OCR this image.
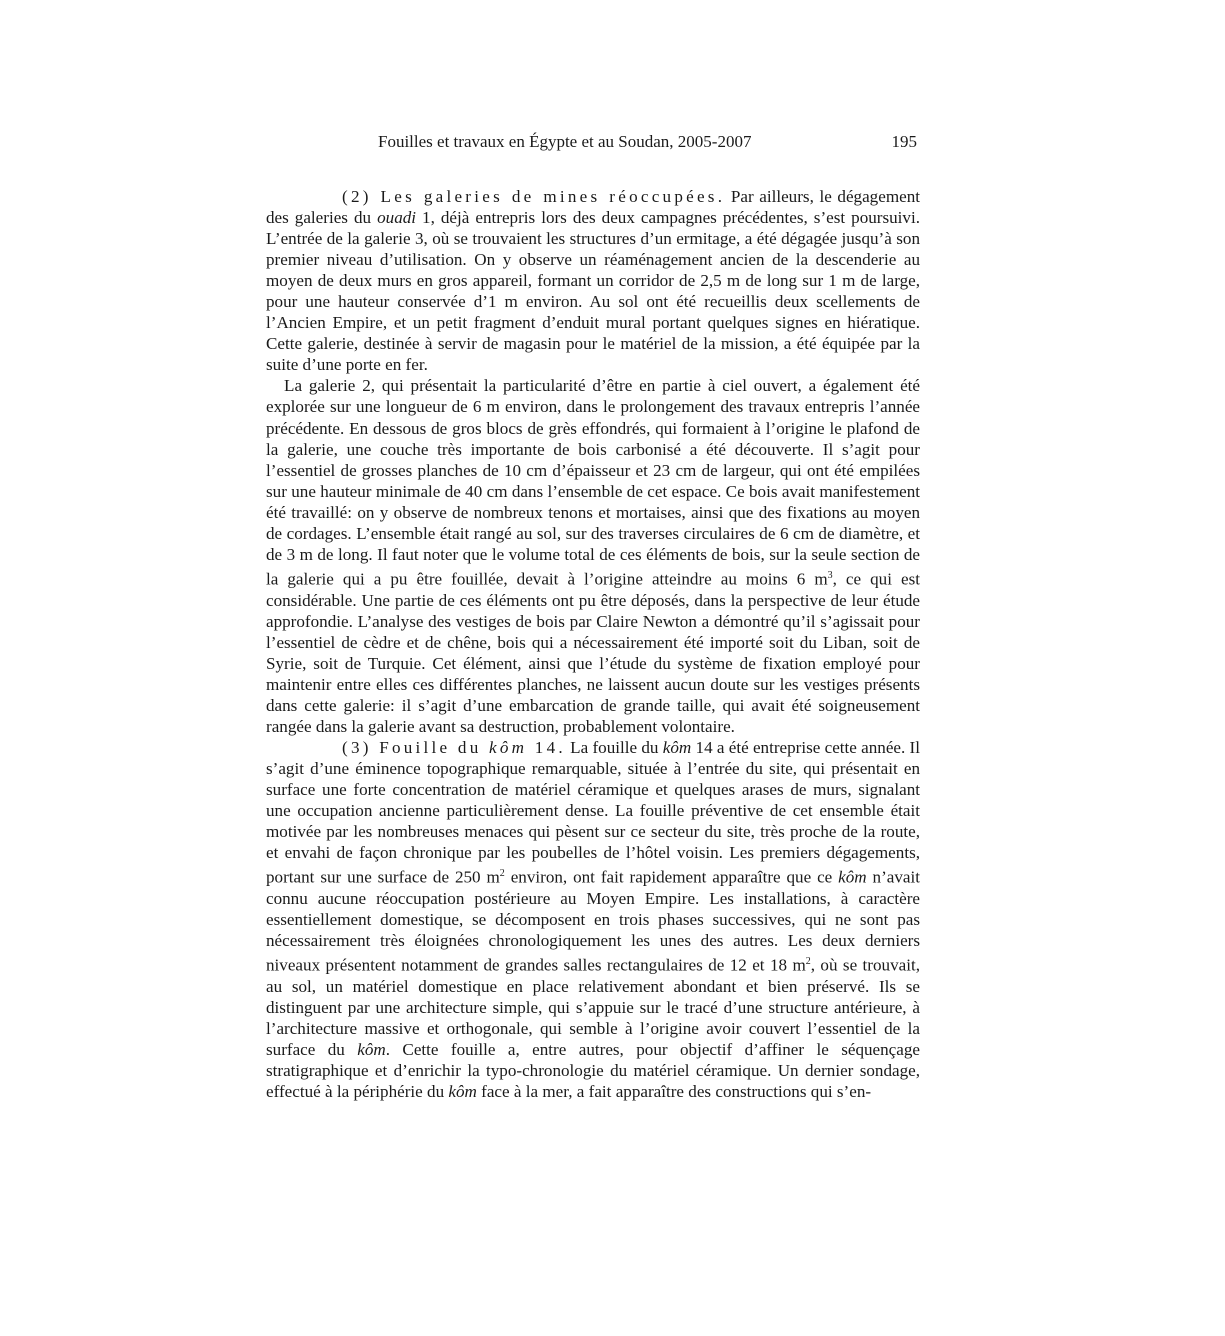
Fouilles et travaux en Égypte et au Soudan, 2005-2007	195

(2) Les galeries de mines réoccupées. Par ailleurs, le dégagement des galeries du ouadi 1, déjà entrepris lors des deux campagnes précédentes, s’est poursuivi. L’entrée de la galerie 3, où se trouvaient les structures d’un ermitage, a été dégagée jusqu’à son premier niveau d’utilisation. On y observe un réaménagement ancien de la descenderie au moyen de deux murs en gros appareil, formant un corridor de 2,5 m de long sur 1 m de large, pour une hauteur conservée d’1 m environ. Au sol ont été recueillis deux scellements de l’Ancien Empire, et un petit fragment d’enduit mural portant quelques signes en hiératique. Cette galerie, destinée à servir de magasin pour le matériel de la mission, a été équipée par la suite d’une porte en fer.

La galerie 2, qui présentait la particularité d’être en partie à ciel ouvert, a également été explorée sur une longueur de 6 m environ, dans le prolongement des travaux entrepris l’année précédente. En dessous de gros blocs de grès effondrés, qui formaient à l’origine le plafond de la galerie, une couche très importante de bois carbonisé a été découverte. Il s’agit pour l’essentiel de grosses planches de 10 cm d’épaisseur et 23 cm de largeur, qui ont été empilées sur une hauteur minimale de 40 cm dans l’ensemble de cet espace. Ce bois avait manifestement été travaillé: on y observe de nombreux tenons et mortaises, ainsi que des fixations au moyen de cordages. L’ensemble était rangé au sol, sur des traverses circulaires de 6 cm de diamètre, et de 3 m de long. Il faut noter que le volume total de ces éléments de bois, sur la seule section de la galerie qui a pu être fouillée, devait à l’origine atteindre au moins 6 $m^3$, ce qui est considérable. Une partie de ces éléments ont pu être déposés, dans la perspective de leur étude approfondie. L’analyse des vestiges de bois par Claire Newton a démontré qu’il s’agissait pour l’essentiel de cèdre et de chêne, bois qui a nécessairement été importé soit du Liban, soit de Syrie, soit de Turquie. Cet élément, ainsi que l’étude du système de fixation employé pour maintenir entre elles ces différentes planches, ne laissent aucun doute sur les vestiges présents dans cette galerie: il s’agit d’une embarcation de grande taille, qui avait été soigneusement rangée dans la galerie avant sa destruction, probablement volontaire.

(3) Fouille du kôm 14. La fouille du kôm 14 a été entreprise cette année. Il s’agit d’une éminence topographique remarquable, située à l’entrée du site, qui présentait en surface une forte concentration de matériel céramique et quelques arases de murs, signalant une occupation ancienne particulièrement dense. La fouille préventive de cet ensemble était motivée par les nombreuses menaces qui pèsent sur ce secteur du site, très proche de la route, et envahi de façon chronique par les poubelles de l’hôtel voisin. Les premiers dégagements, portant sur une surface de 250 $m^2$ environ, ont fait rapidement apparaître que ce kôm n’avait connu aucune réoccupation postérieure au Moyen Empire. Les installations, à caractère essentiellement domestique, se décomposent en trois phases successives, qui ne sont pas nécessairement très éloignées chronologiquement les unes des autres. Les deux derniers niveaux présentent notamment de grandes salles rectangulaires de 12 et 18 $m^2$, où se trouvait, au sol, un matériel domestique en place relativement abondant et bien préservé. Ils se distinguent par une architecture simple, qui s’appuie sur le tracé d’une structure antérieure, à l’architecture massive et orthogonale, qui semble à l’origine avoir couvert l’essentiel de la surface du kôm. Cette fouille a, entre autres, pour objectif d’affiner le séquençage stratigraphique et d’enrichir la typo-chronologie du matériel céramique. Un dernier sondage, effectué à la périphérie du kôm face à la mer, a fait apparaître des constructions qui s’en-
